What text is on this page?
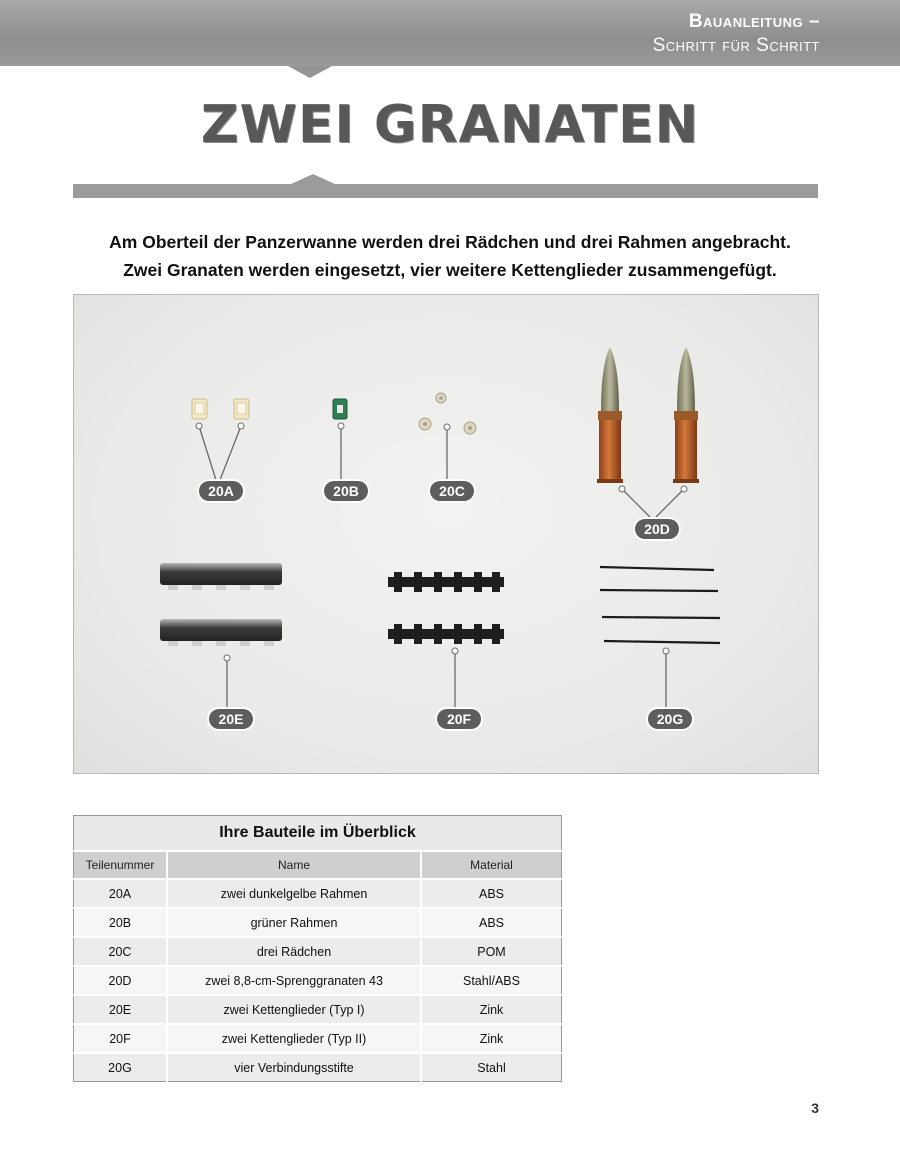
Bauanleitung –
Schritt für Schritt
ZWEI GRANATEN
Am Oberteil der Panzerwanne werden drei Rädchen und drei Rahmen angebracht.
Zwei Granaten werden eingesetzt, vier weitere Kettenglieder zusammengefügt.
20A	20B	20C
20D
20E	20F	20G
Ihre Bauteile im Überblick		
Teilenummer	Name	Material
20A	zwei dunkelgelbe Rahmen	ABS
20B	grüner Rahmen	ABS
20C	drei Rädchen	POM
20D	zwei 8,8-cm-Sprenggranaten 43	Stahl/ABS
20E	zwei Kettenglieder (Typ I)	Zink
20F	zwei Kettenglieder (Typ II)	Zink
20G	vier Verbindungsstifte	Stahl
3
